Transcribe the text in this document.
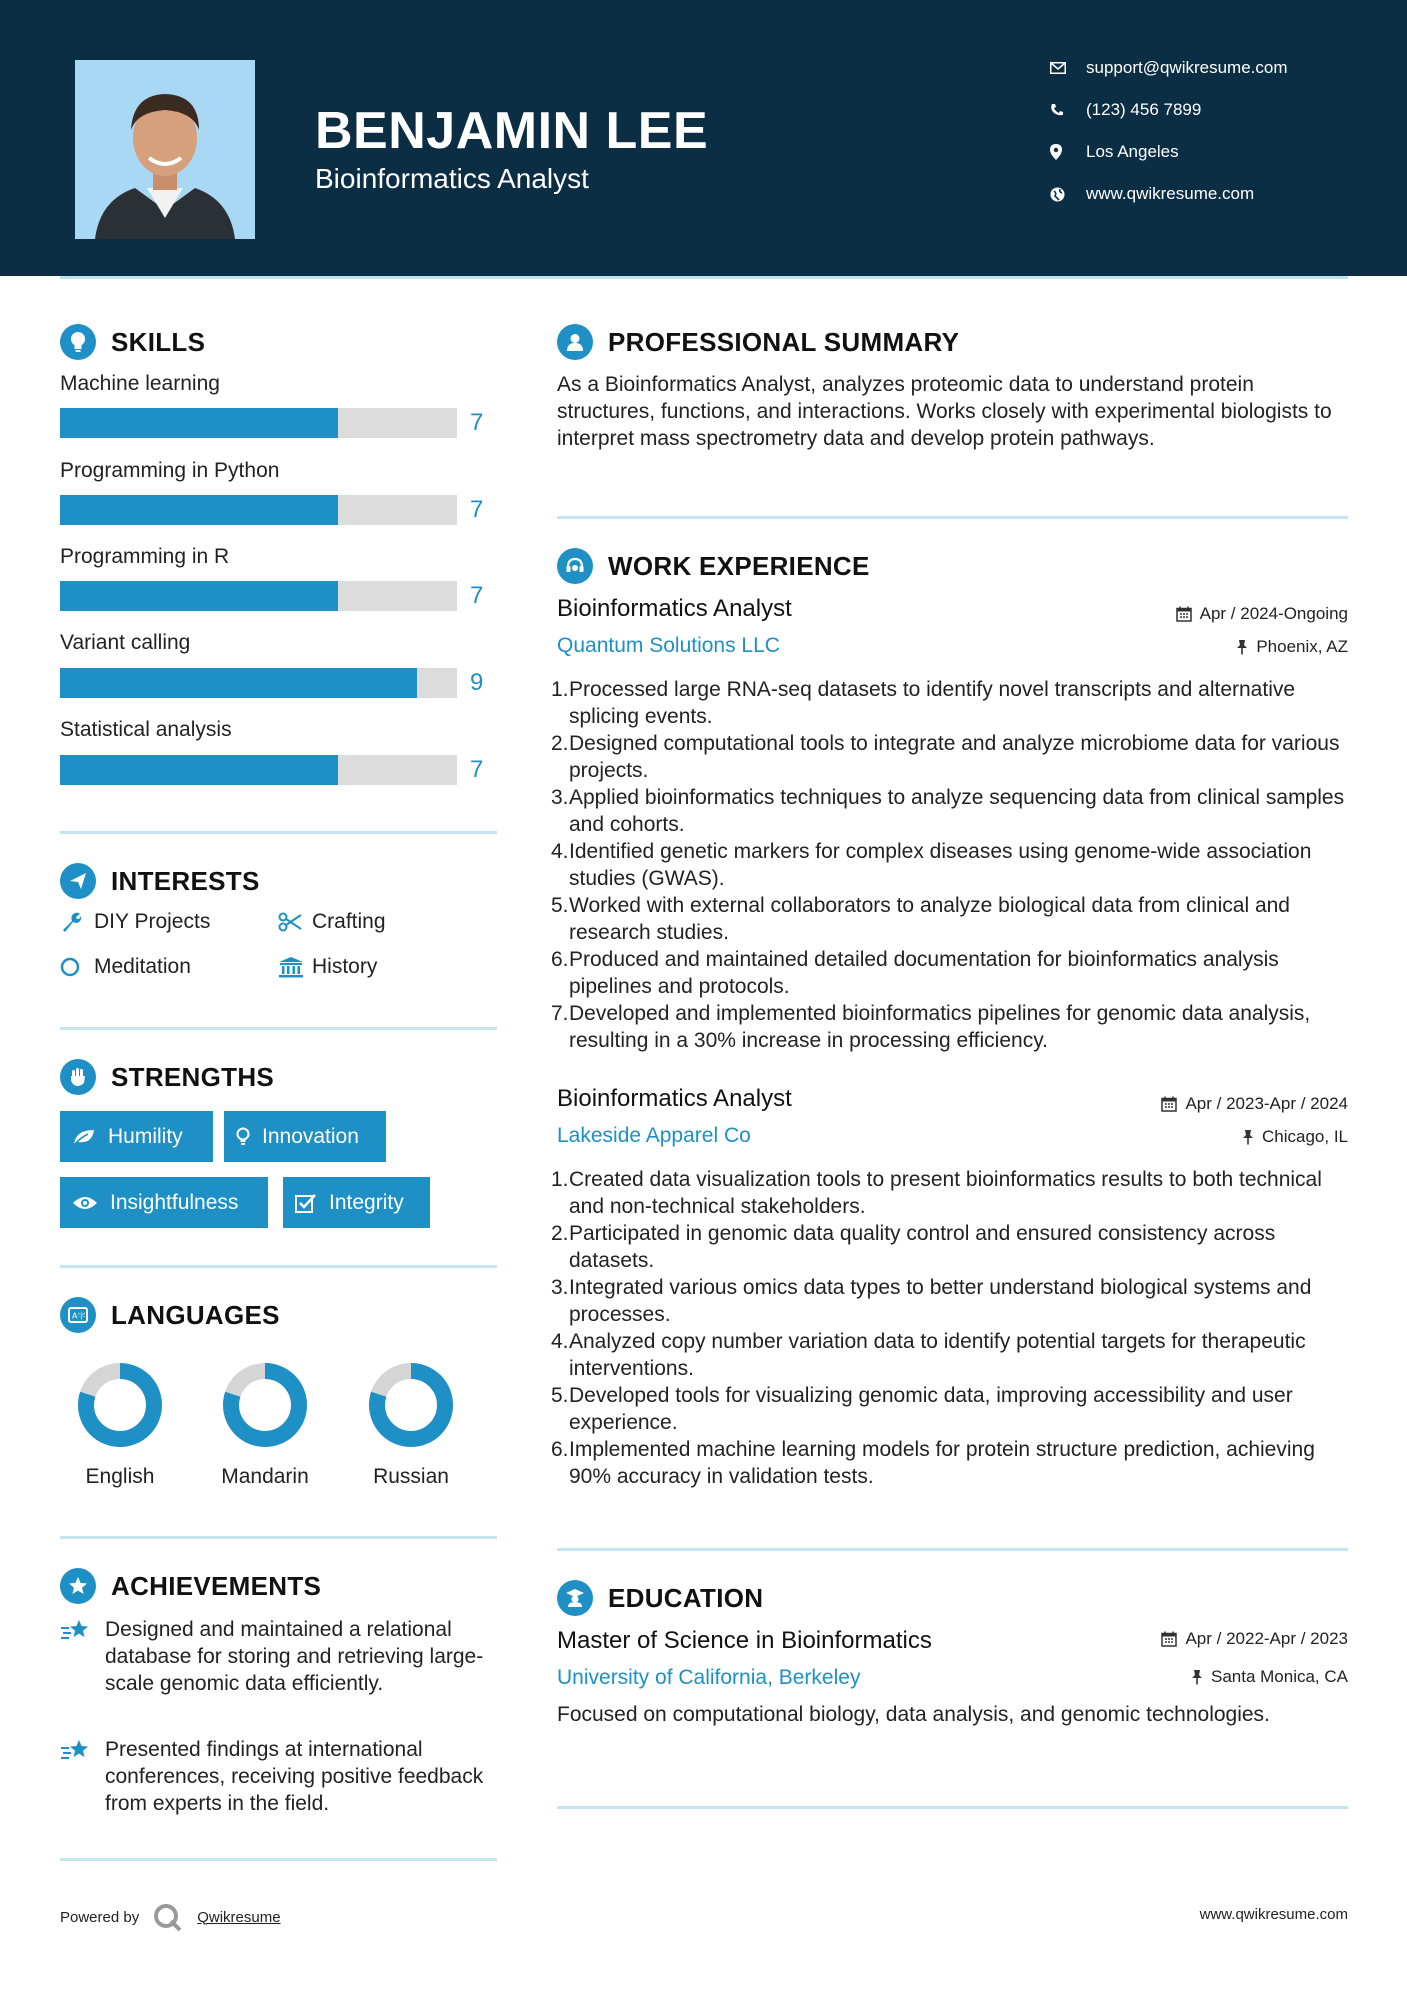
BENJAMIN LEE
Bioinformatics Analyst
support@qwikresume.com
(123) 456 7899
Los Angeles
www.qwikresume.com
SKILLS
Machine learning
7
Programming in Python
7
Programming in R
7
Variant calling
9
Statistical analysis
7
INTERESTS
DIY Projects	Crafting
Meditation	History
STRENGTHS
Humility	Innovation
Insightfulness	Integrity
A字 LANGUAGES
English	Mandarin	Russian
ACHIEVEMENTS
Designed and maintained a relational database for storing and retrieving large-scale genomic data efficiently.
Presented findings at international conferences, receiving positive feedback from experts in the field.
PROFESSIONAL SUMMARY
As a Bioinformatics Analyst, analyzes proteomic data to understand protein structures, functions, and interactions. Works closely with experimental biologists to interpret mass spectrometry data and develop protein pathways.
WORK EXPERIENCE
Bioinformatics Analyst	Apr / 2024-Ongoing
Quantum Solutions LLC	Phoenix, AZ
1. Processed large RNA-seq datasets to identify novel transcripts and alternative splicing events.
2. Designed computational tools to integrate and analyze microbiome data for various projects.
3. Applied bioinformatics techniques to analyze sequencing data from clinical samples and cohorts.
4. Identified genetic markers for complex diseases using genome-wide association studies (GWAS).
5. Worked with external collaborators to analyze biological data from clinical and research studies.
6. Produced and maintained detailed documentation for bioinformatics analysis pipelines and protocols.
7. Developed and implemented bioinformatics pipelines for genomic data analysis, resulting in a 30% increase in processing efficiency.
Bioinformatics Analyst	Apr / 2023-Apr / 2024
Lakeside Apparel Co	Chicago, IL
1. Created data visualization tools to present bioinformatics results to both technical and non-technical stakeholders.
2. Participated in genomic data quality control and ensured consistency across datasets.
3. Integrated various omics data types to better understand biological systems and processes.
4. Analyzed copy number variation data to identify potential targets for therapeutic interventions.
5. Developed tools for visualizing genomic data, improving accessibility and user experience.
6. Implemented machine learning models for protein structure prediction, achieving 90% accuracy in validation tests.
EDUCATION
Master of Science in Bioinformatics	Apr / 2022-Apr / 2023
University of California, Berkeley	Santa Monica, CA
Focused on computational biology, data analysis, and genomic technologies.
Powered by	Qwikresume	www.qwikresume.com
